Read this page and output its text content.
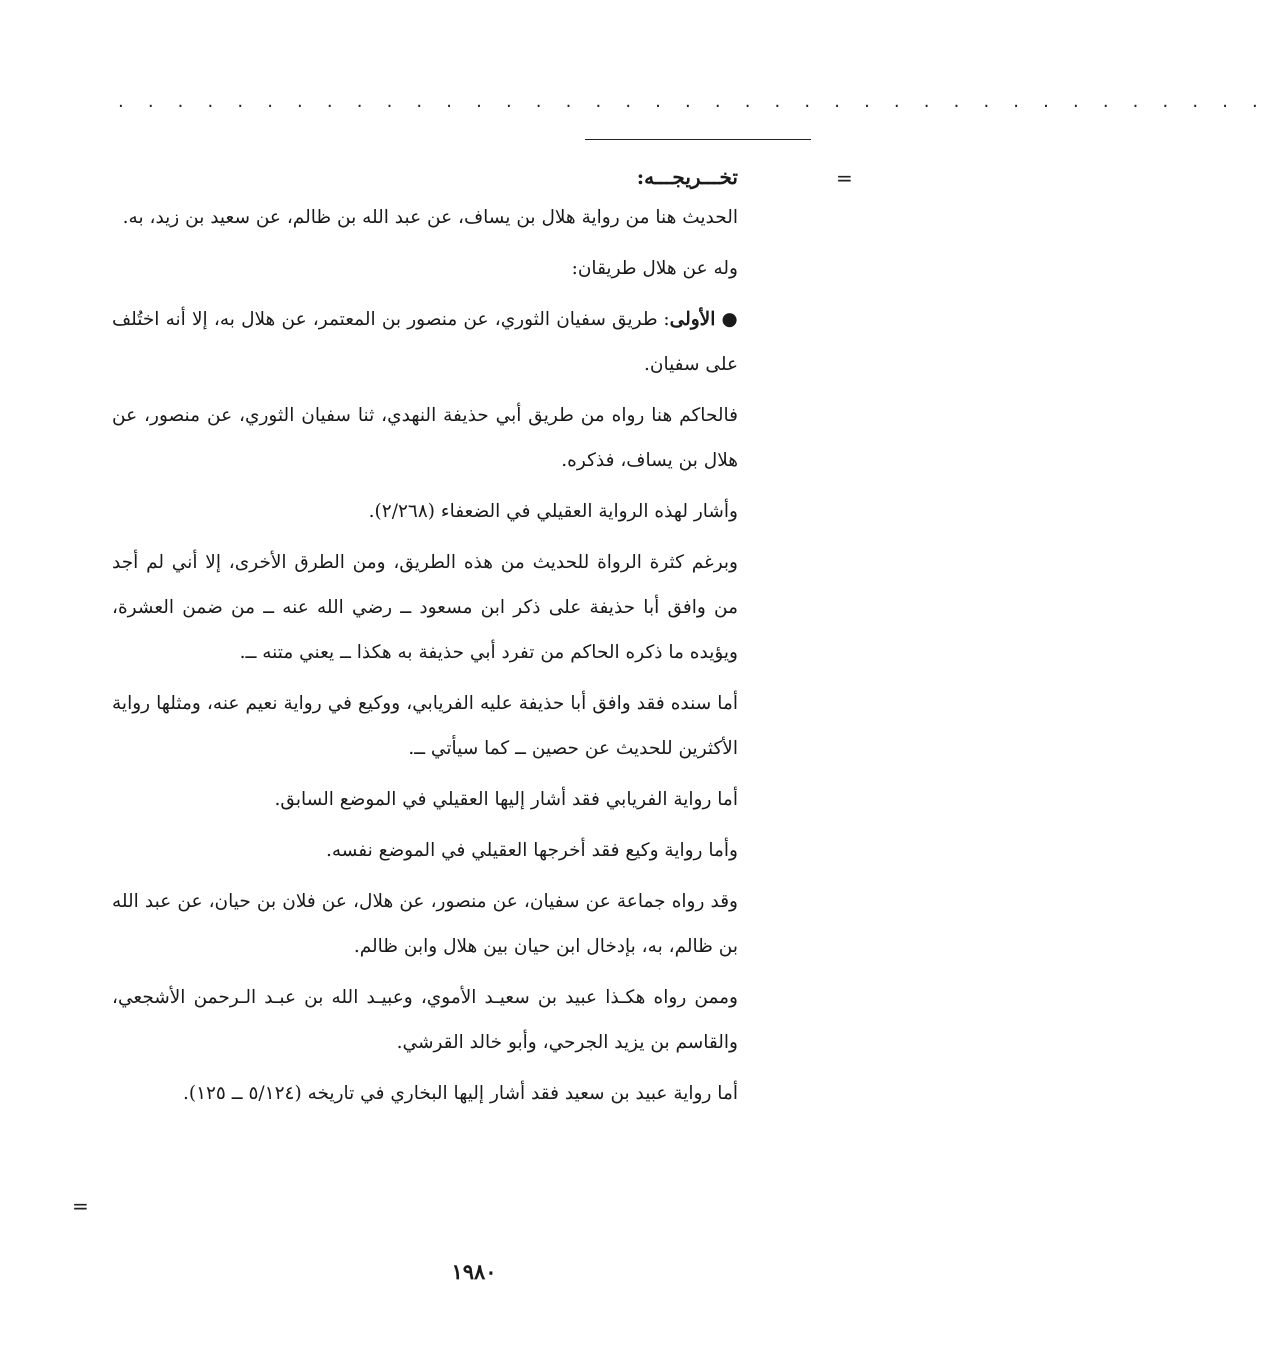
. . . . . . . . . . . . . . . . . . . . . . . . . . . . . . . . . . . . . . .
=
=
تخـــريجـــه:

الحديث هنا من رواية هلال بن يساف، عن عبد الله بن ظالم، عن سعيد بن زيد، به.

وله عن هلال طريقان:

● الأولى: طريق سفيان الثوري، عن منصور بن المعتمر، عن هلال به، إلا أنه اختُلف على سفيان.

فالحاكم هنا رواه من طريق أبي حذيفة النهدي، ثنا سفيان الثوري، عن منصور، عن هلال بن يساف، فذكره.

وأشار لهذه الرواية العقيلي في الضعفاء (٢/٢٦٨).

وبرغم كثرة الرواة للحديث من هذه الطريق، ومن الطرق الأخرى، إلا أني لم أجد من وافق أبا حذيفة على ذكر ابن مسعود ــ رضي الله عنه ــ من ضمن العشرة، ويؤيده ما ذكره الحاكم من تفرد أبي حذيفة به هكذا ــ يعني متنه ــ.

أما سنده فقد وافق أبا حذيفة عليه الفريابي، ووكيع في رواية نعيم عنه، ومثلها رواية الأكثرين للحديث عن حصين ــ كما سيأتي ــ.

أما رواية الفريابي فقد أشار إليها العقيلي في الموضع السابق.

وأما رواية وكيع فقد أخرجها العقيلي في الموضع نفسه.

وقد رواه جماعة عن سفيان، عن منصور، عن هلال، عن فلان بن حيان، عن عبد الله بن ظالم، به، بإدخال ابن حيان بين هلال وابن ظالم.

وممن رواه هكـذا عبيد بن سعيـد الأموي، وعبيـد الله بن عبـد الـرحمن الأشجعي، والقاسم بن يزيد الجرحي، وأبو خالد القرشي.

أما رواية عبيد بن سعيد فقد أشار إليها البخاري في تاريخه (٥/١٢٤ ــ ١٢٥).

١٩٨٠
